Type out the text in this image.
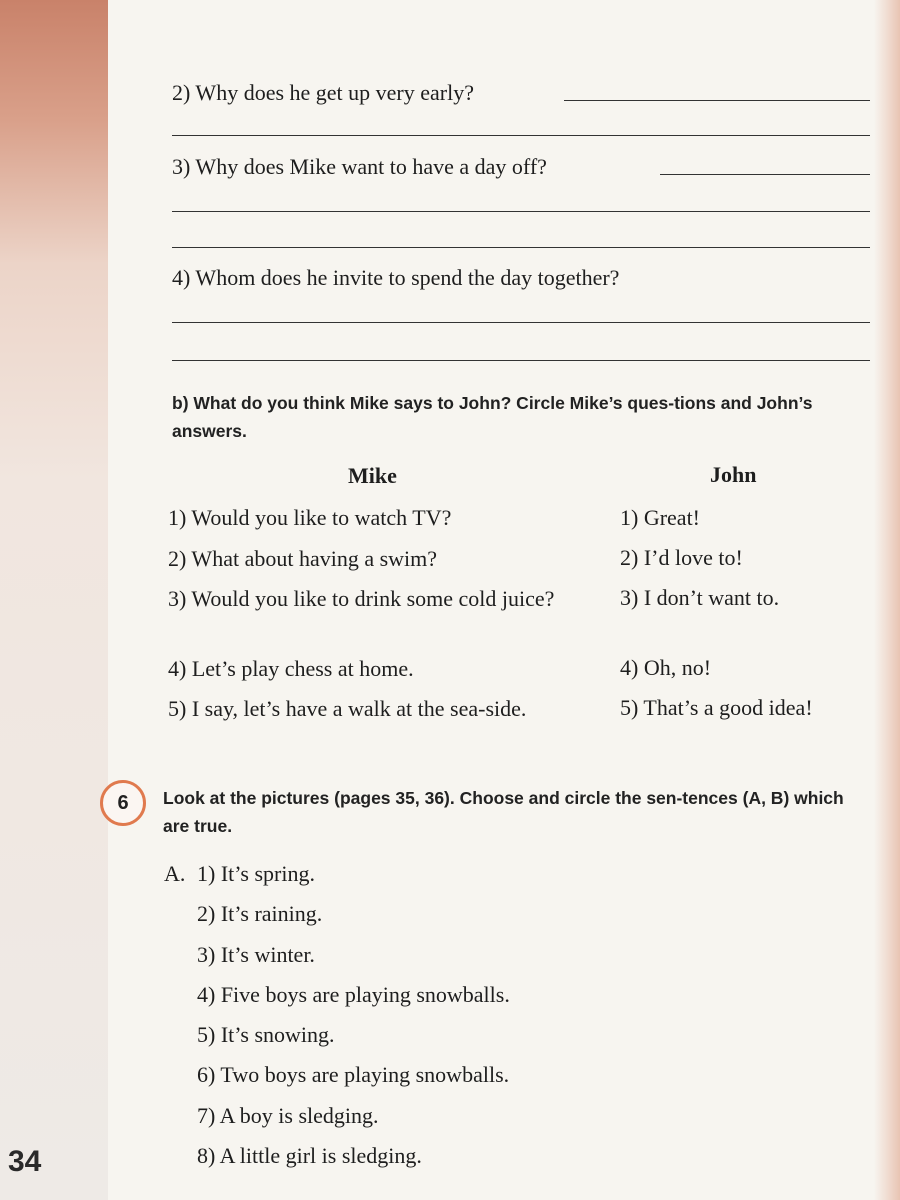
34
2) Why does he get up very early?
3) Why does Mike want to have a day off?
4) Whom does he invite to spend the day together?
b) What do you think Mike says to John? Circle Mike’s ques-tions and John’s answers.
Mike	John
1) Would you like to watch TV?
2) What about having a swim?
3) Would you like to drink some cold juice?
4) Let’s play chess at home.
5) I say, let’s have a walk at the sea-side.
1) Great!
2) I’d love to!
3) I don’t want to.
4) Oh, no!
5) That’s a good idea!
6	Look at the pictures (pages 35, 36). Choose and circle the sen-tences (A, B) which are true.
A. 1) It’s spring.
2) It’s raining.
3) It’s winter.
4) Five boys are playing snowballs.
5) It’s snowing.
6) Two boys are playing snowballs.
7) A boy is sledging.
8) A little girl is sledging.
